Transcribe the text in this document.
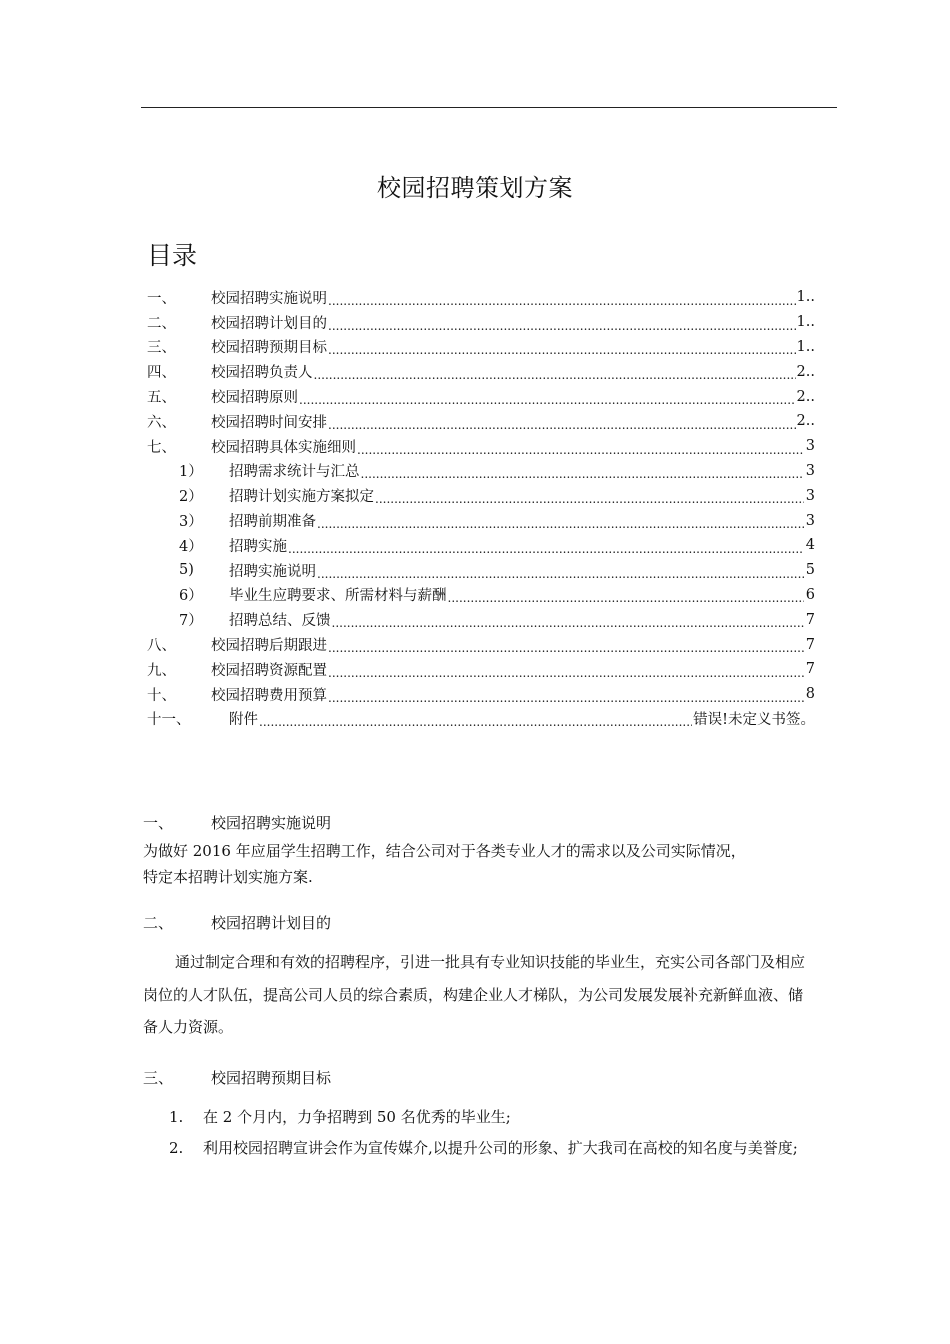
校园招聘策划方案
目录
一、	校园招聘实施说明 .....	1..
二、	校园招聘计划目的 .....	1..
三、	校园招聘预期目标 .....	1..
四、	校园招聘负责人 .....	2..
五、	校园招聘原则 .....	2..
六、	校园招聘时间安排 .....	2..
七、	校园招聘具体实施细则 .....	3
1）	招聘需求统计与汇总 .....	3
2）	招聘计划实施方案拟定 .....	3
3）	招聘前期准备 .....	3
4）	招聘实施 .....	4
5)	招聘实施说明 .....	5
6）	毕业生应聘要求、所需材料与薪酬 .....	6
7）	招聘总结、反馈 .....	7
八、	校园招聘后期跟进 .....	7
九、	校园招聘资源配置 .....	7
十、	校园招聘费用预算 .....	8
十一、	附件 .....	错误!未定义书签。
一、	校园招聘实施说明
为做好 2016 年应届学生招聘工作，结合公司对于各类专业人才的需求以及公司实际情况，
特定本招聘计划实施方案.
二、	校园招聘计划目的
通过制定合理和有效的招聘程序，引进一批具有专业知识技能的毕业生，充实公司各部门及相应岗位的人才队伍，提高公司人员的综合素质，构建企业人才梯队，为公司发展发展补充新鲜血液、储备人力资源。
三、	校园招聘预期目标
1.	在 2 个月内，力争招聘到 50 名优秀的毕业生;
2.	利用校园招聘宣讲会作为宣传媒介,以提升公司的形象、扩大我司在高校的知名度与美誉度;
